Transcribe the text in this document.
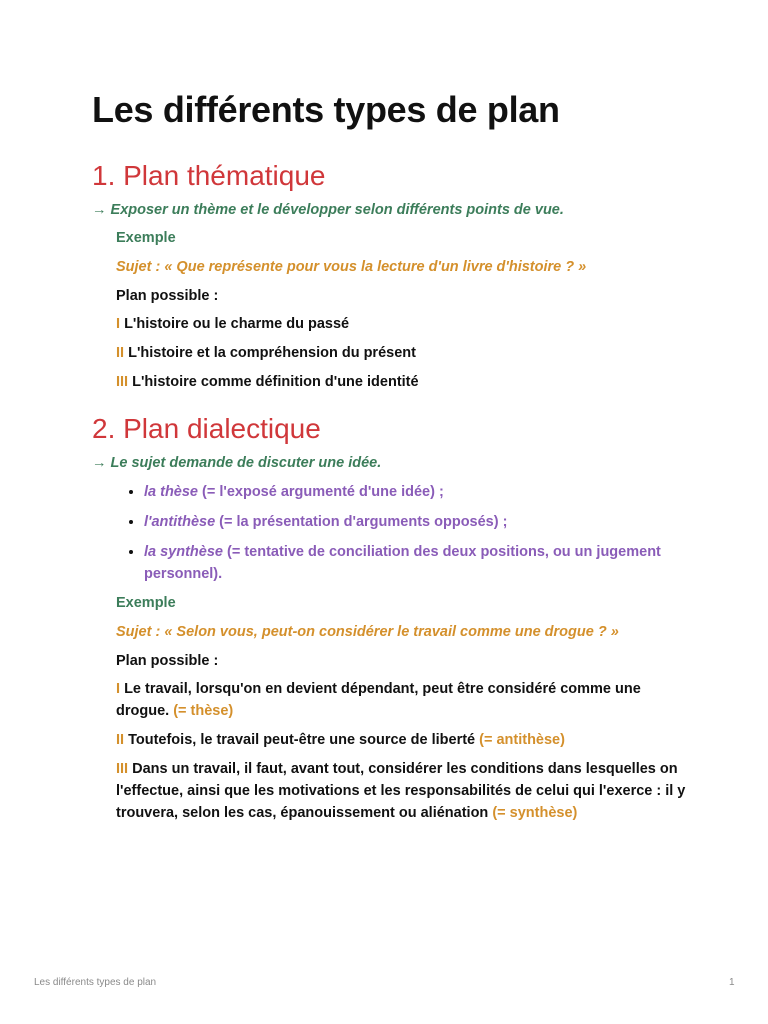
Les différents types de plan
1. Plan thématique

→ Exposer un thème et le développer selon différents points de vue.

Exemple
Sujet : « Que représente pour vous la lecture d'un livre d'histoire ? »
Plan possible :
I L'histoire ou le charme du passé
II L'histoire et la compréhension du présent
III L'histoire comme définition d'une identité
2. Plan dialectique

→ Le sujet demande de discuter une idée.

• la thèse (= l'exposé argumenté d'une idée) ;
• l'antithèse (= la présentation d'arguments opposés) ;
• la synthèse (= tentative de conciliation des deux positions, ou un jugement personnel).
Exemple
Sujet : « Selon vous, peut-on considérer le travail comme une drogue ? »
Plan possible :
I Le travail, lorsqu'on en devient dépendant, peut être considéré comme une drogue. (= thèse)
II Toutefois, le travail peut-être une source de liberté (= antithèse)
III Dans un travail, il faut, avant tout, considérer les conditions dans lesquelles on l'effectue, ainsi que les motivations et les responsabilités de celui qui l'exerce : il y trouvera, selon les cas, épanouissement ou aliénation (= synthèse)
Les différents types de plan	1
